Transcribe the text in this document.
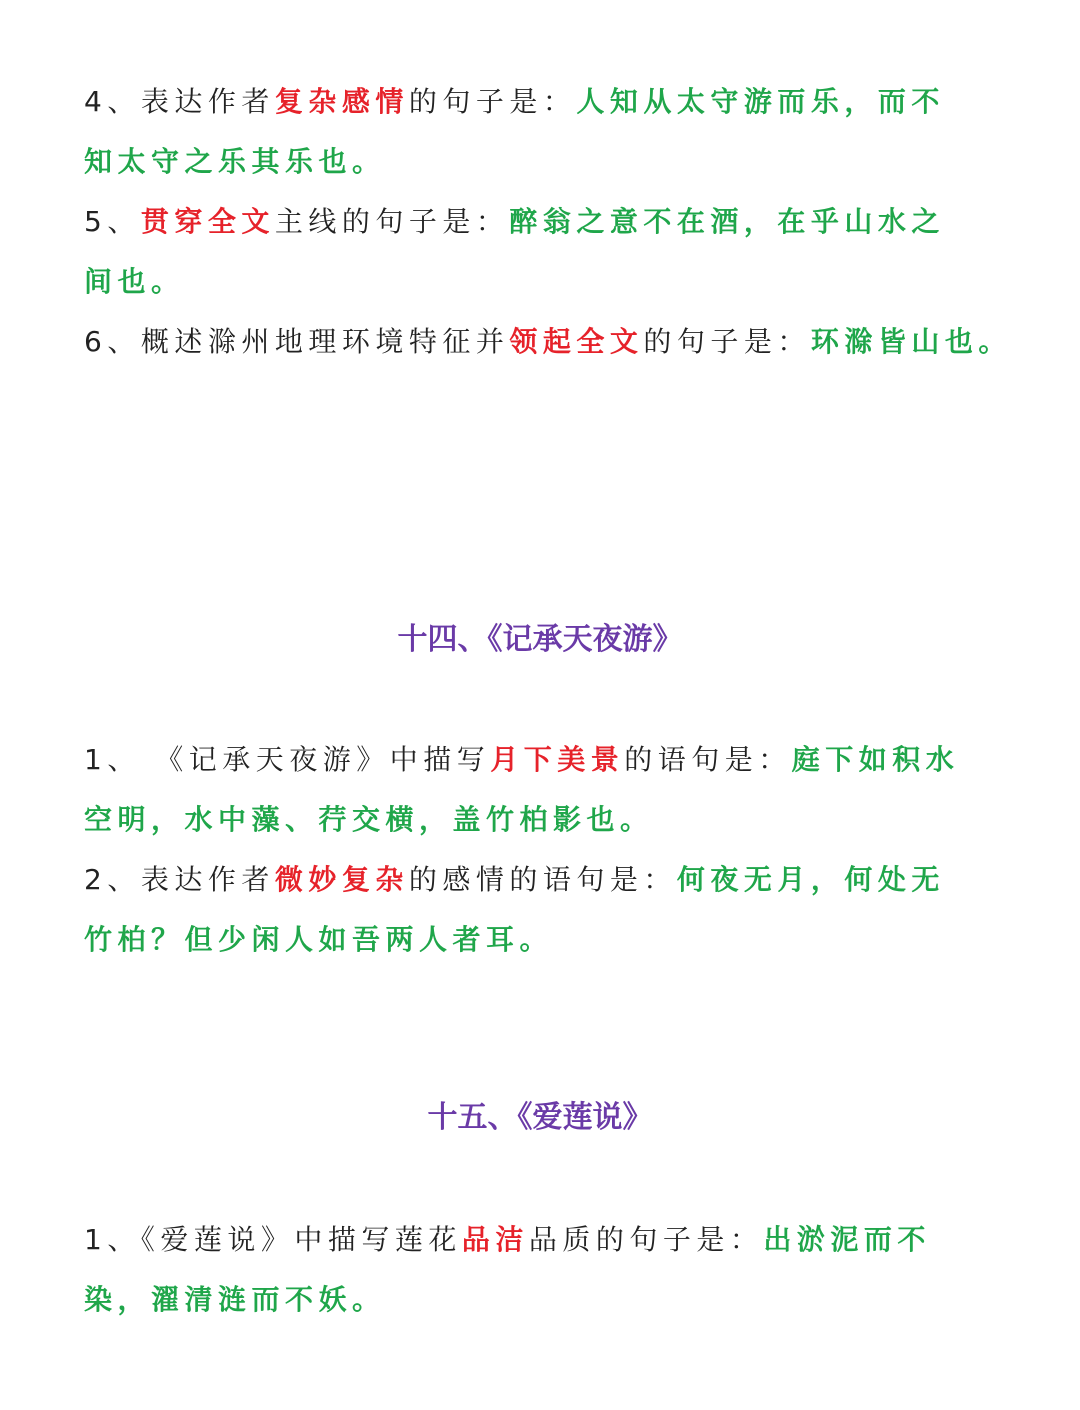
4、表达作者复杂感情的句子是：人知从太守游而乐，而不知太守之乐其乐也。
5、贯穿全文主线的句子是：醉翁之意不在酒，在乎山水之间也。
6、概述滁州地理环境特征并领起全文的句子是：环滁皆山也。
十四、《记承天夜游》
1、 《记承天夜游》中描写月下美景的语句是：庭下如积水空明，水中藻、荇交横，盖竹柏影也。
2、表达作者微妙复杂的感情的语句是：何夜无月，何处无竹柏？但少闲人如吾两人者耳。
十五、《爱莲说》
1、《爱莲说》中描写莲花品洁品质的句子是：出淤泥而不染，濯清涟而不妖。
